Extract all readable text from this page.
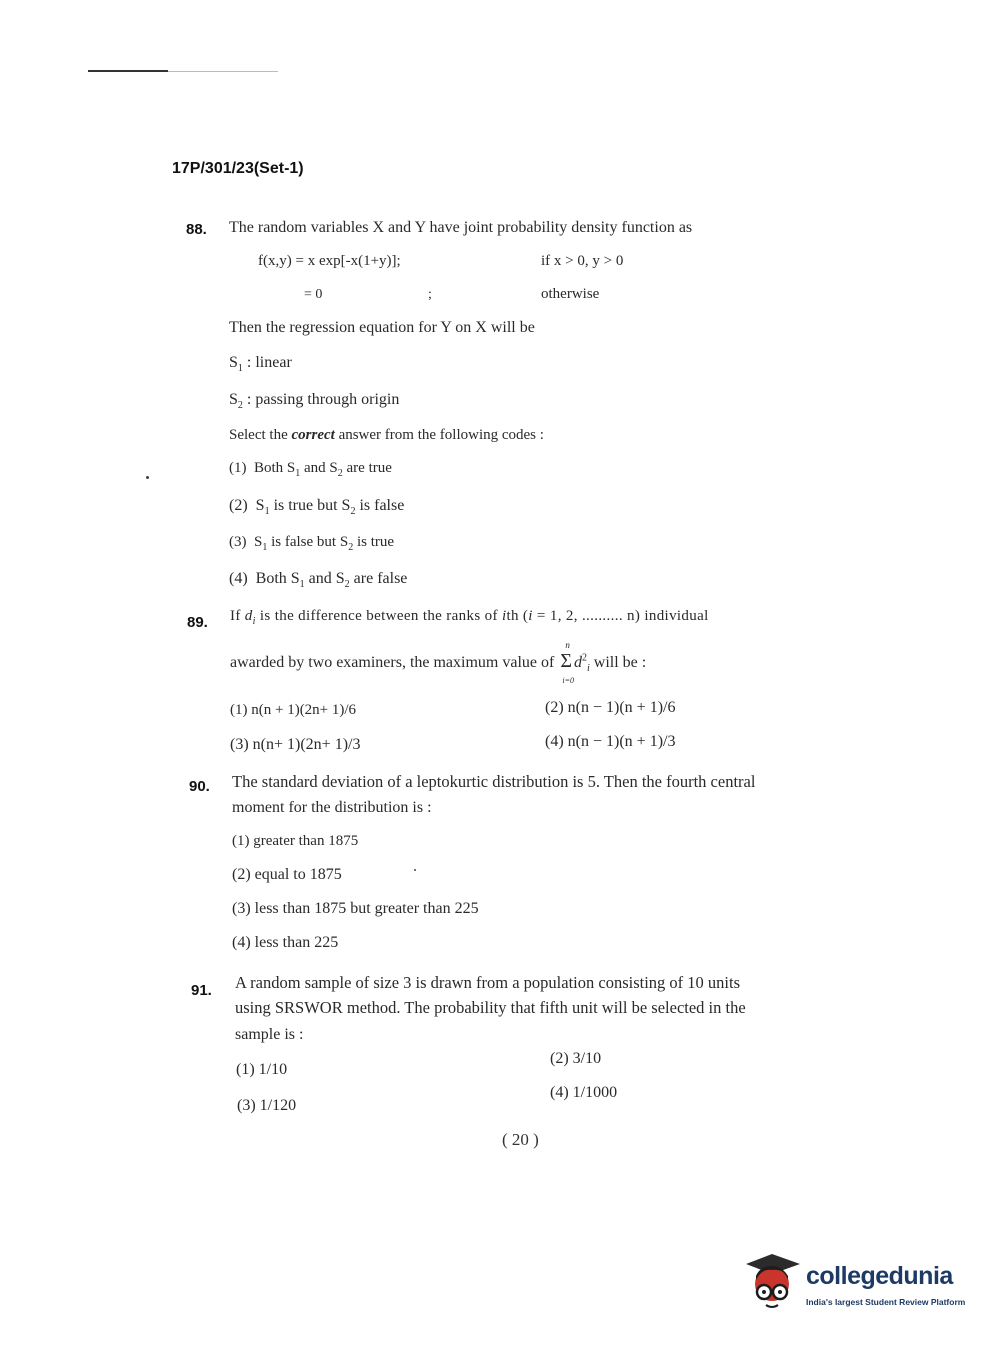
17P/301/23(Set-1)
88. The random variables X and Y have joint probability density function as
f(x,y) = x exp[-x(1+y)];	if x > 0, y > 0
= 0	;	otherwise
Then the regression equation for Y on X will be
$S_1$ : linear
$S_2$ : passing through origin
Select the correct answer from the following codes :
(1) Both $S_1$ and $S_2$ are true
(2) $S_1$ is true but $S_2$ is false
(3) $S_1$ is false but $S_2$ is true
(4) Both $S_1$ and $S_2$ are false
89. If $d_i$ is the difference between the ranks of ith (i = 1, 2, .......... n) individual
awarded by two examiners, the maximum value of
n
Σ
i=0
$d^2_i$ will be :
(1) n(n + 1)(2n+ 1)/6	(2) n(n − 1)(n + 1)/6
(3) n(n+ 1)(2n+ 1)/3	(4) n(n − 1)(n + 1)/3
90. The standard deviation of a leptokurtic distribution is 5. Then the fourth central
moment for the distribution is :
(1) greater than 1875
(2) equal to 1875
(3) less than 1875 but greater than 225
(4) less than 225
91. A random sample of size 3 is drawn from a population consisting of 10 units
using SRSWOR method. The probability that fifth unit will be selected in the
sample is :
(1) 1/10
(2) 3/10
(3) 1/120
(4) 1/1000
( 20 )
collegedunia
India's largest Student Review Platform
